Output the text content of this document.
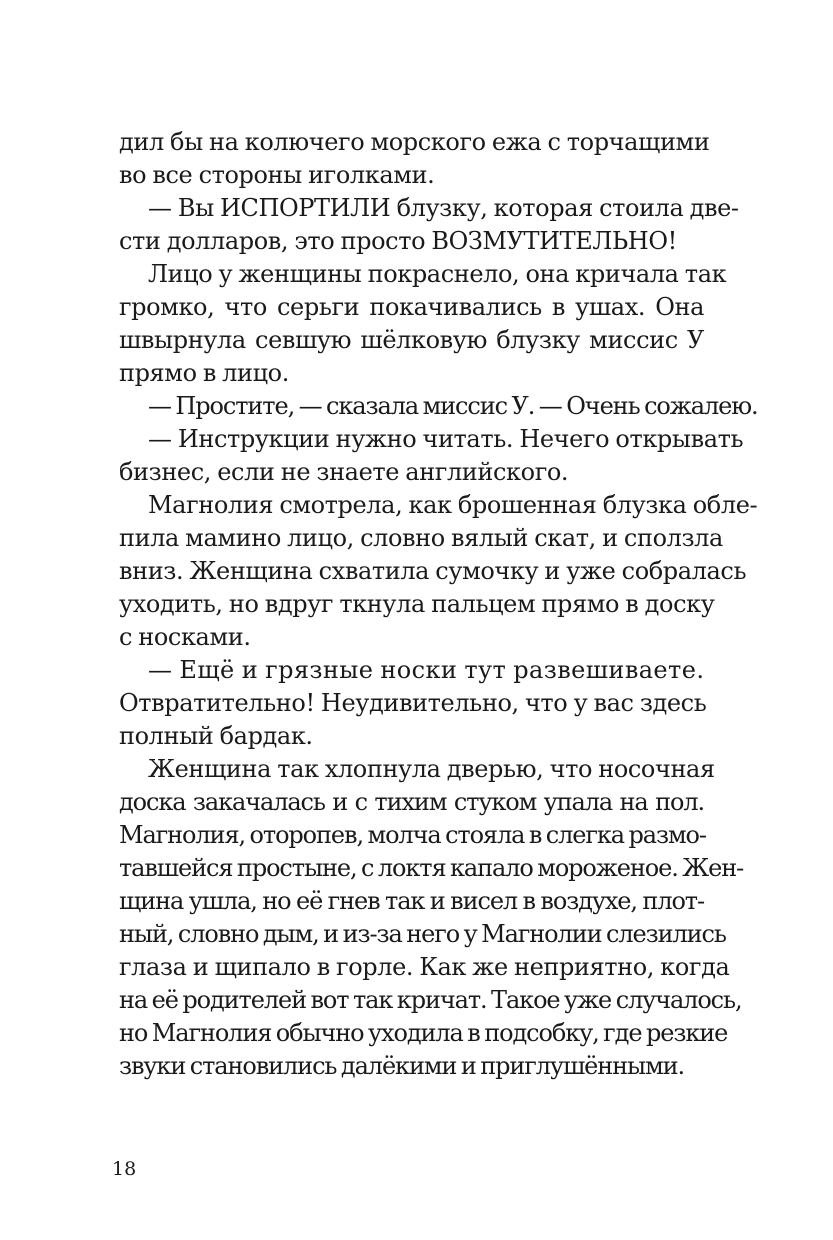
дил бы на колючего морского ежа с торчащими
во все стороны иголками.
— Вы ИСПОРТИЛИ блузку, которая стоила две-
сти долларов, это просто ВОЗМУТИТЕЛЬНО!
Лицо у женщины покраснело, она кричала так
громко, что серьги покачивались в ушах. Она
швырнула севшую шёлковую блузку миссис У
прямо в лицо.
— Простите, — сказала миссис У. — Очень сожалею.
— Инструкции нужно читать. Нечего открывать
бизнес, если не знаете английского.
Магнолия смотрела, как брошенная блузка обле-
пила мамино лицо, словно вялый скат, и сползла
вниз. Женщина схватила сумочку и уже собралась
уходить, но вдруг ткнула пальцем прямо в доску
с носками.
— Ещё и грязные носки тут развешиваете.
Отвратительно! Неудивительно, что у вас здесь
полный бардак.
Женщина так хлопнула дверью, что носочная
доска закачалась и с тихим стуком упала на пол.
Магнолия, оторопев, молча стояла в слегка размо-
тавшейся простыне, с локтя капало мороженое. Жен-
щина ушла, но её гнев так и висел в воздухе, плот-
ный, словно дым, и из-за него у Магнолии слезились
глаза и щипало в горле. Как же неприятно, когда
на её родителей вот так кричат. Такое уже случалось,
но Магнолия обычно уходила в подсобку, где резкие
звуки становились далёкими и приглушёнными.
18
